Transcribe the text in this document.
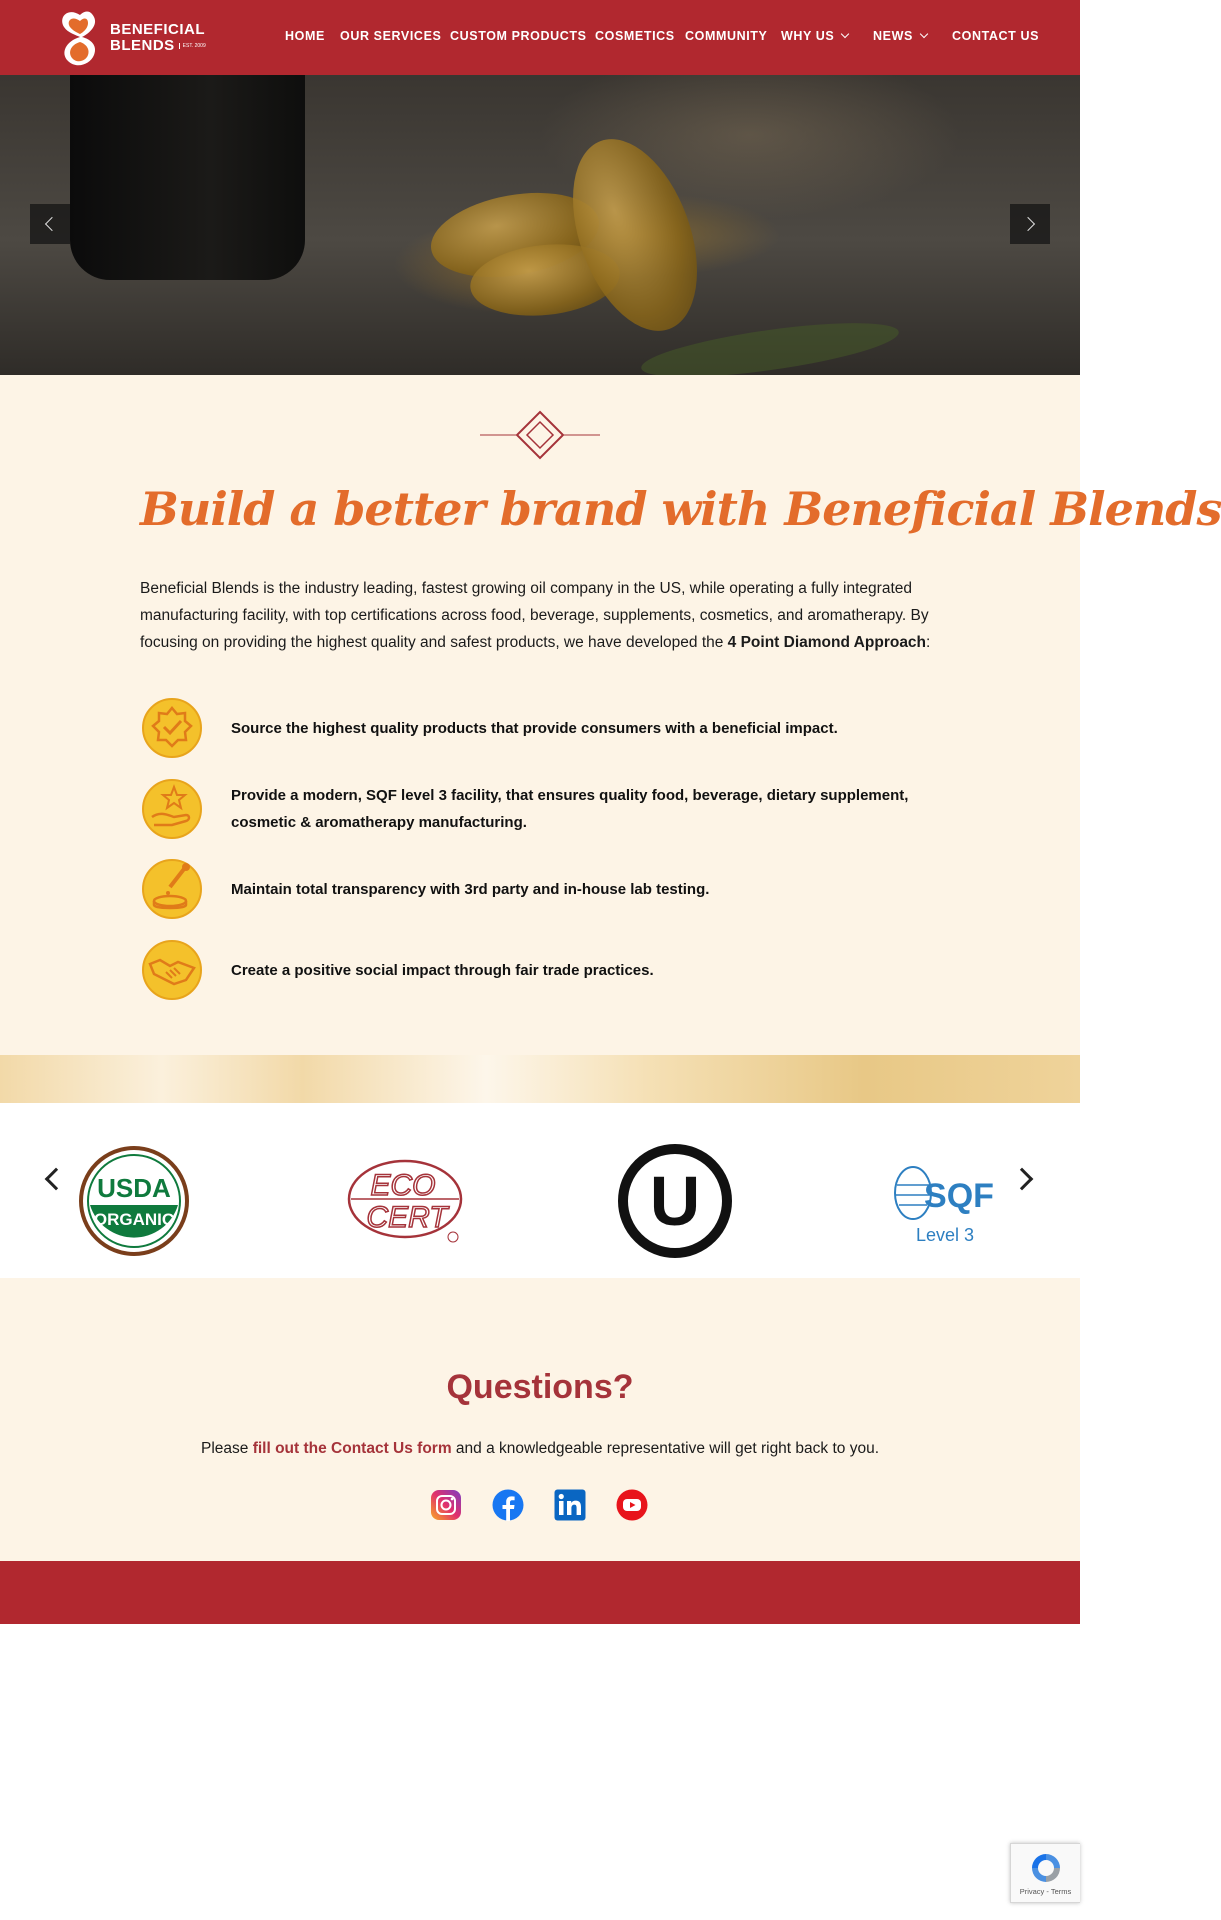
BENEFICIAL
BLENDS	EST. 2009
HOME OUR SERVICES CUSTOM PRODUCTS COSMETICS COMMUNITY WHY US	NEWS	CONTACT US
Build a better brand with Beneficial Blends
Beneficial Blends is the industry leading, fastest growing oil company in the US, while operating a fully integrated manufacturing facility, with top certifications across food, beverage, supplements, cosmetics, and aromatherapy. By focusing on providing the highest quality and safest products, we have developed the 4 Point Diamond Approach:
Source the highest quality products that provide consumers with a beneficial impact.
Provide a modern, SQF level 3 facility, that ensures quality food, beverage, dietary supplement, cosmetic & aromatherapy manufacturing.
Maintain total transparency with 3rd party and in-house lab testing.
Create a positive social impact through fair trade practices.
USDA
ORGANIC
ECO
CERT	U	SQF
Level 3
Questions?
Please fill out the Contact Us form and a knowledgeable representative will get right back to you.
Privacy - Terms
